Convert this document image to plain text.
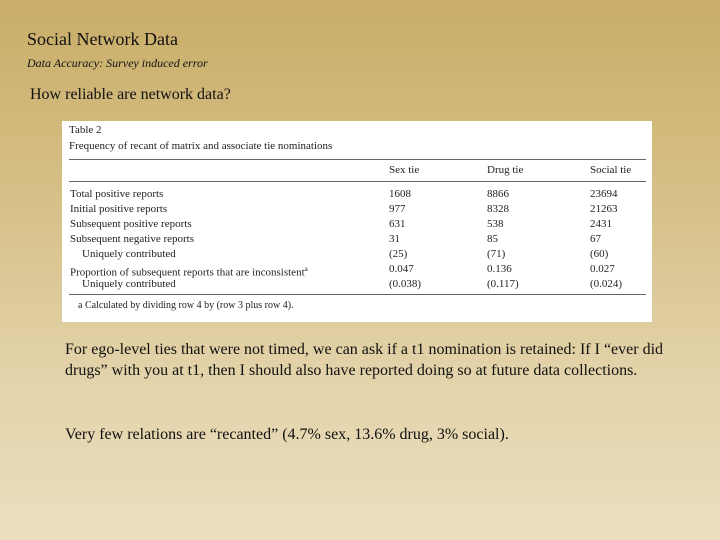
Social Network Data
Data Accuracy: Survey induced error
How reliable are network data?
Table 2
Frequency of recant of matrix and associate tie nominations
Sex tie	Drug tie	Social tie
Total positive reports	1608	8866	23694
Initial positive reports	977	8328	21263
Subsequent positive reports	631	538	2431
Subsequent negative reports	31	85	67
Uniquely contributed	(25)	(71)	(60)
Proportion of subsequent reports that are inconsistent$^a$	0.047	0.136	0.027
Uniquely contributed	(0.038)	(0.117)	(0.024)
a Calculated by dividing row 4 by (row 3 plus row 4).
For ego-level ties that were not timed, we can ask if a t1 nomination is retained: If I “ever did drugs” with you at t1, then I should also have reported doing so at future data collections.
Very few relations are “recanted” (4.7% sex, 13.6% drug, 3% social).
